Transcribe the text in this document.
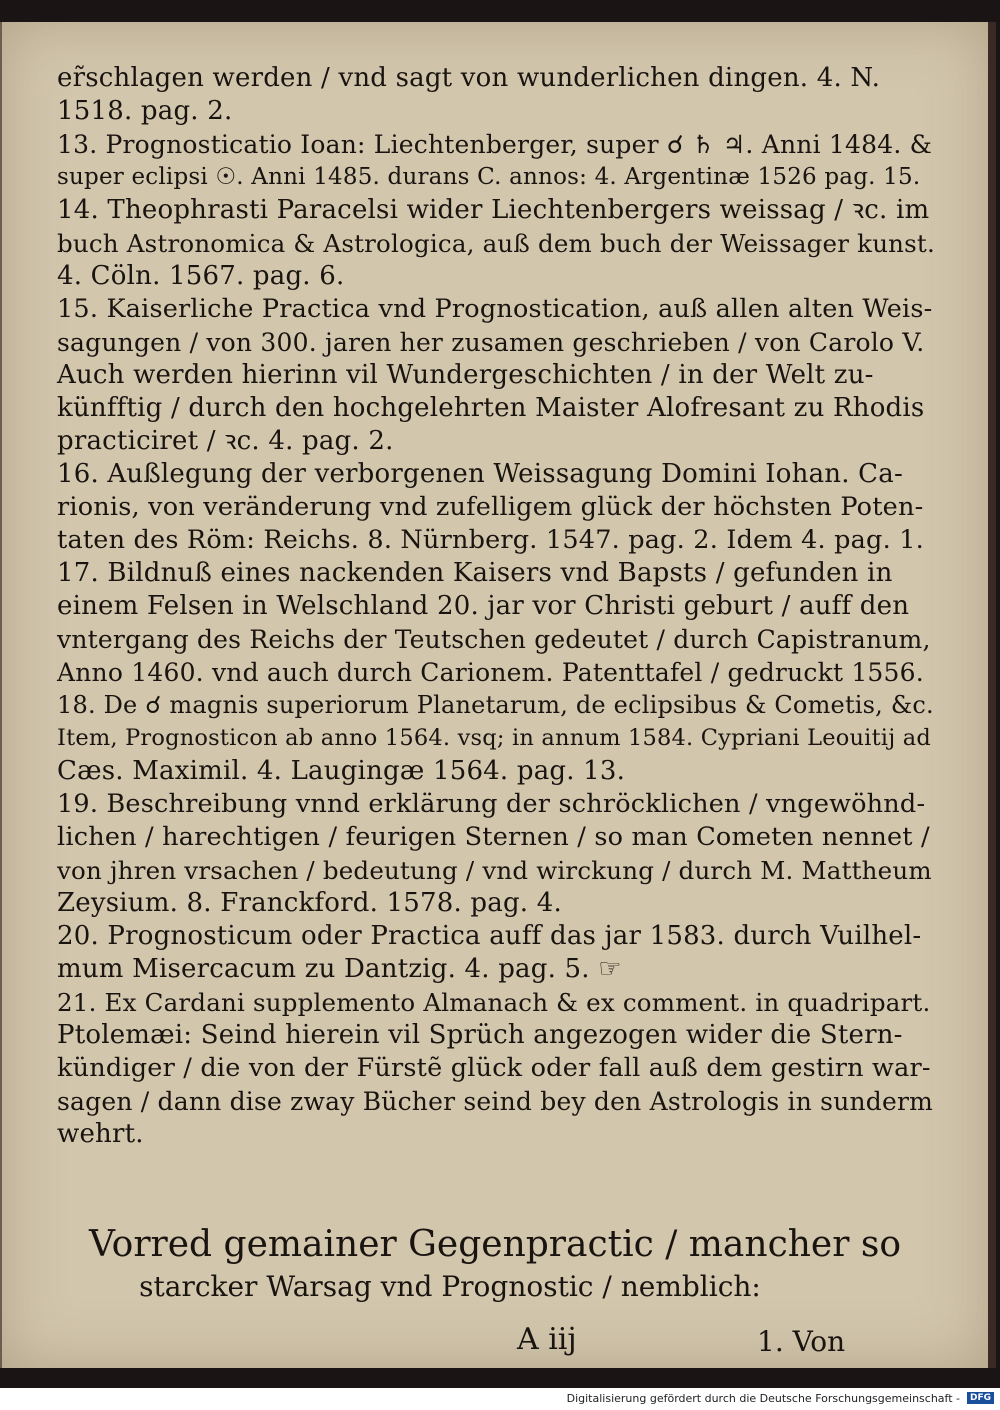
er̃schlagen werden / vnd sagt von wunderlichen dingen. 4. N.
1518. pag. 2.
13. Prognosticatio Ioan: Liechtenberger, super ☌ ♄ ♃. Anni 1484. &
super eclipsi ☉. Anni 1485. durans C. annos: 4. Argentinæ 1526 pag. 15.
14. Theophrasti Paracelsi wider Liechtenbergers weissag / ꝛc. im
buch Astronomica & Astrologica, auß dem buch der Weissager kunst.
4. Cöln. 1567. pag. 6.
15. Kaiserliche Practica vnd Prognostication, auß allen alten Weis-
sagungen / von 300. jaren her zusamen geschrieben / von Carolo V.
Auch werden hierinn vil Wundergeschichten / in der Welt zu-
künfftig / durch den hochgelehrten Maister Alofresant zu Rhodis
practiciret / ꝛc. 4. pag. 2.
16. Außlegung der verborgenen Weissagung Domini Iohan. Ca-
rionis, von veränderung vnd zufelligem glück der höchsten Poten-
taten des Röm: Reichs. 8. Nürnberg. 1547. pag. 2. Idem 4. pag. 1.
17. Bildnuß eines nackenden Kaisers vnd Bapsts / gefunden in
einem Felsen in Welschland 20. jar vor Christi geburt / auff den
vntergang des Reichs der Teutschen gedeutet / durch Capistranum,
Anno 1460. vnd auch durch Carionem. Patenttafel / gedruckt 1556.
18. De ☌ magnis superiorum Planetarum, de eclipsibus & Cometis, &c.
Item, Prognosticon ab anno 1564. vsq; in annum 1584. Cypriani Leouitij ad
Cæs. Maximil. 4. Laugingæ 1564. pag. 13.
19. Beschreibung vnnd erklärung der schröcklichen / vngewöhnd-
lichen / harechtigen / feurigen Sternen / so man Cometen nennet /
von jhren vrsachen / bedeutung / vnd wirckung / durch M. Mattheum
Zeysium. 8. Franckford. 1578. pag. 4.
20. Prognosticum oder Practica auff das jar 1583. durch Vuilhel-
mum Misercacum zu Dantzig. 4. pag. 5. ☞
21. Ex Cardani supplemento Almanach & ex comment. in quadripart.
Ptolemæi: Seind hierein vil Sprüch angezogen wider die Stern-
kündiger / die von der Fürstẽ glück oder fall auß dem gestirn war-
sagen / dann dise zway Bücher seind bey den Astrologis in sunderm
wehrt.
Vorred gemainer Gegenpractic / mancher so
starcker Warsag vnd Prognostic / nemblich:
A iij	1. Von
Digitalisierung gefördert durch die Deutsche Forschungsgemeinschaft -	DFG
